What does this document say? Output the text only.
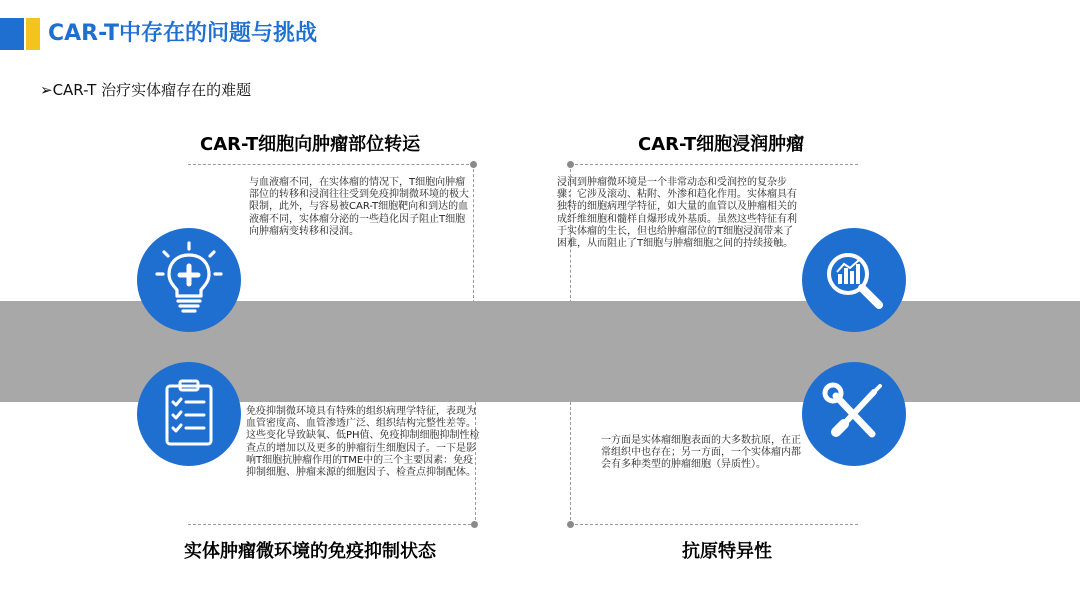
CAR-T中存在的问题与挑战
➢CAR-T 治疗实体瘤存在的难题
CAR-T细胞向肿瘤部位转运	CAR-T细胞浸润肿瘤
与血液瘤不同，在实体瘤的情况下，T细胞向肿瘤部位的转移和浸润往往受到免疫抑制微环境的极大限制，此外，与容易被CAR-T细胞靶向和到达的血液瘤不同，实体瘤分泌的一些趋化因子阻止T细胞向肿瘤病变转移和浸润。
浸润到肿瘤微环境是一个非常动态和受润控的复杂步骤：它涉及滚动、粘附、外渗和趋化作用。实体瘤具有独特的细胞病理学特征，如大量的血管以及肿瘤相关的成纤维细胞和髓样自爆形成外基质。虽然这些特征有利于实体瘤的生长，但也给肿瘤部位的T细胞浸润带来了困难，从而阻止了T细胞与肿瘤细胞之间的持续接触。
免疫抑制微环境具有特殊的组织病理学特征，表现为血管密度高、血管渗透广泛、组织结构完整性差等。这些变化导致缺氧、低PH值、免疫抑制细胞抑制性检查点的增加以及更多的肿瘤衍生细胞因子。一下是影响T细胞抗肿瘤作用的TME中的三个主要因素：免疫抑制细胞、肿瘤来源的细胞因子、检查点抑制配体。
一方面是实体瘤细胞表面的大多数抗原，在正常组织中也存在；另一方面，一个实体瘤内都会有多种类型的肿瘤细胞（异质性）。
实体肿瘤微环境的免疫抑制状态	抗原特异性
